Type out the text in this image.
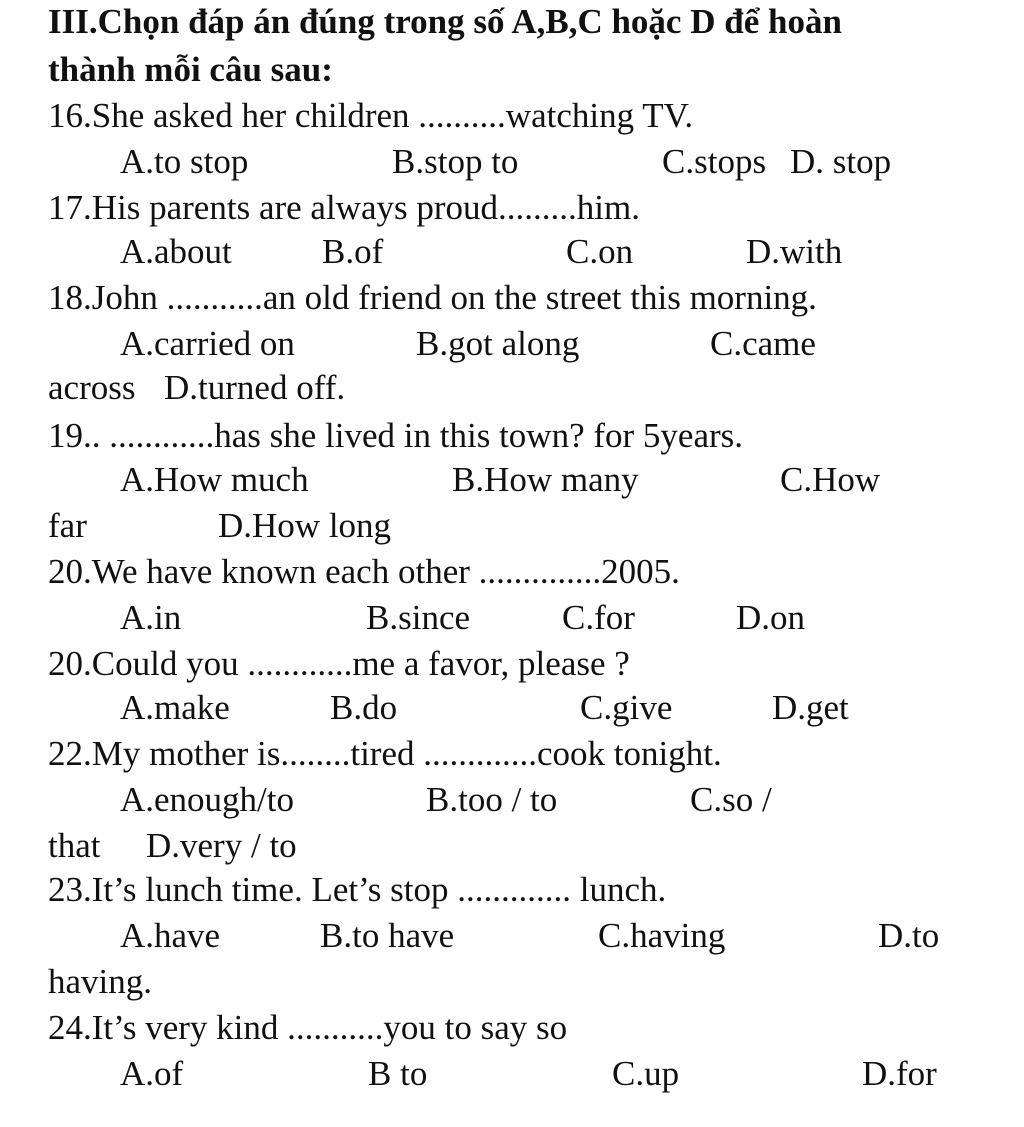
III.Chọn đáp án đúng trong số A,B,C hoặc D để hoàn
thành mỗi câu sau:
16.She asked her children ..........watching TV.
A.to stop	B.stop to	C.stops D. stop
17.His parents are always proud.........him.
A.about	B.of	C.on	D.with
18.John ...........an old friend on the street this morning.
A.carried on	B.got along	C.came
across D.turned off.
19.. ............has she lived in this town? for 5years.
A.How much	B.How many	C.How
far	D.How long
20.We have known each other ..............2005.
A.in	B.since	C.for	D.on
20.Could you ............me a favor, please ?
A.make	B.do	C.give	D.get
22.My mother is........tired .............cook tonight.
A.enough/to	B.too / to	C.so /
that D.very / to
23.It’s lunch time. Let’s stop ............. lunch.
A.have	B.to have	C.having	D.to
having.
24.It’s very kind ...........you to say so
A.of	B to	C.up	D.for
